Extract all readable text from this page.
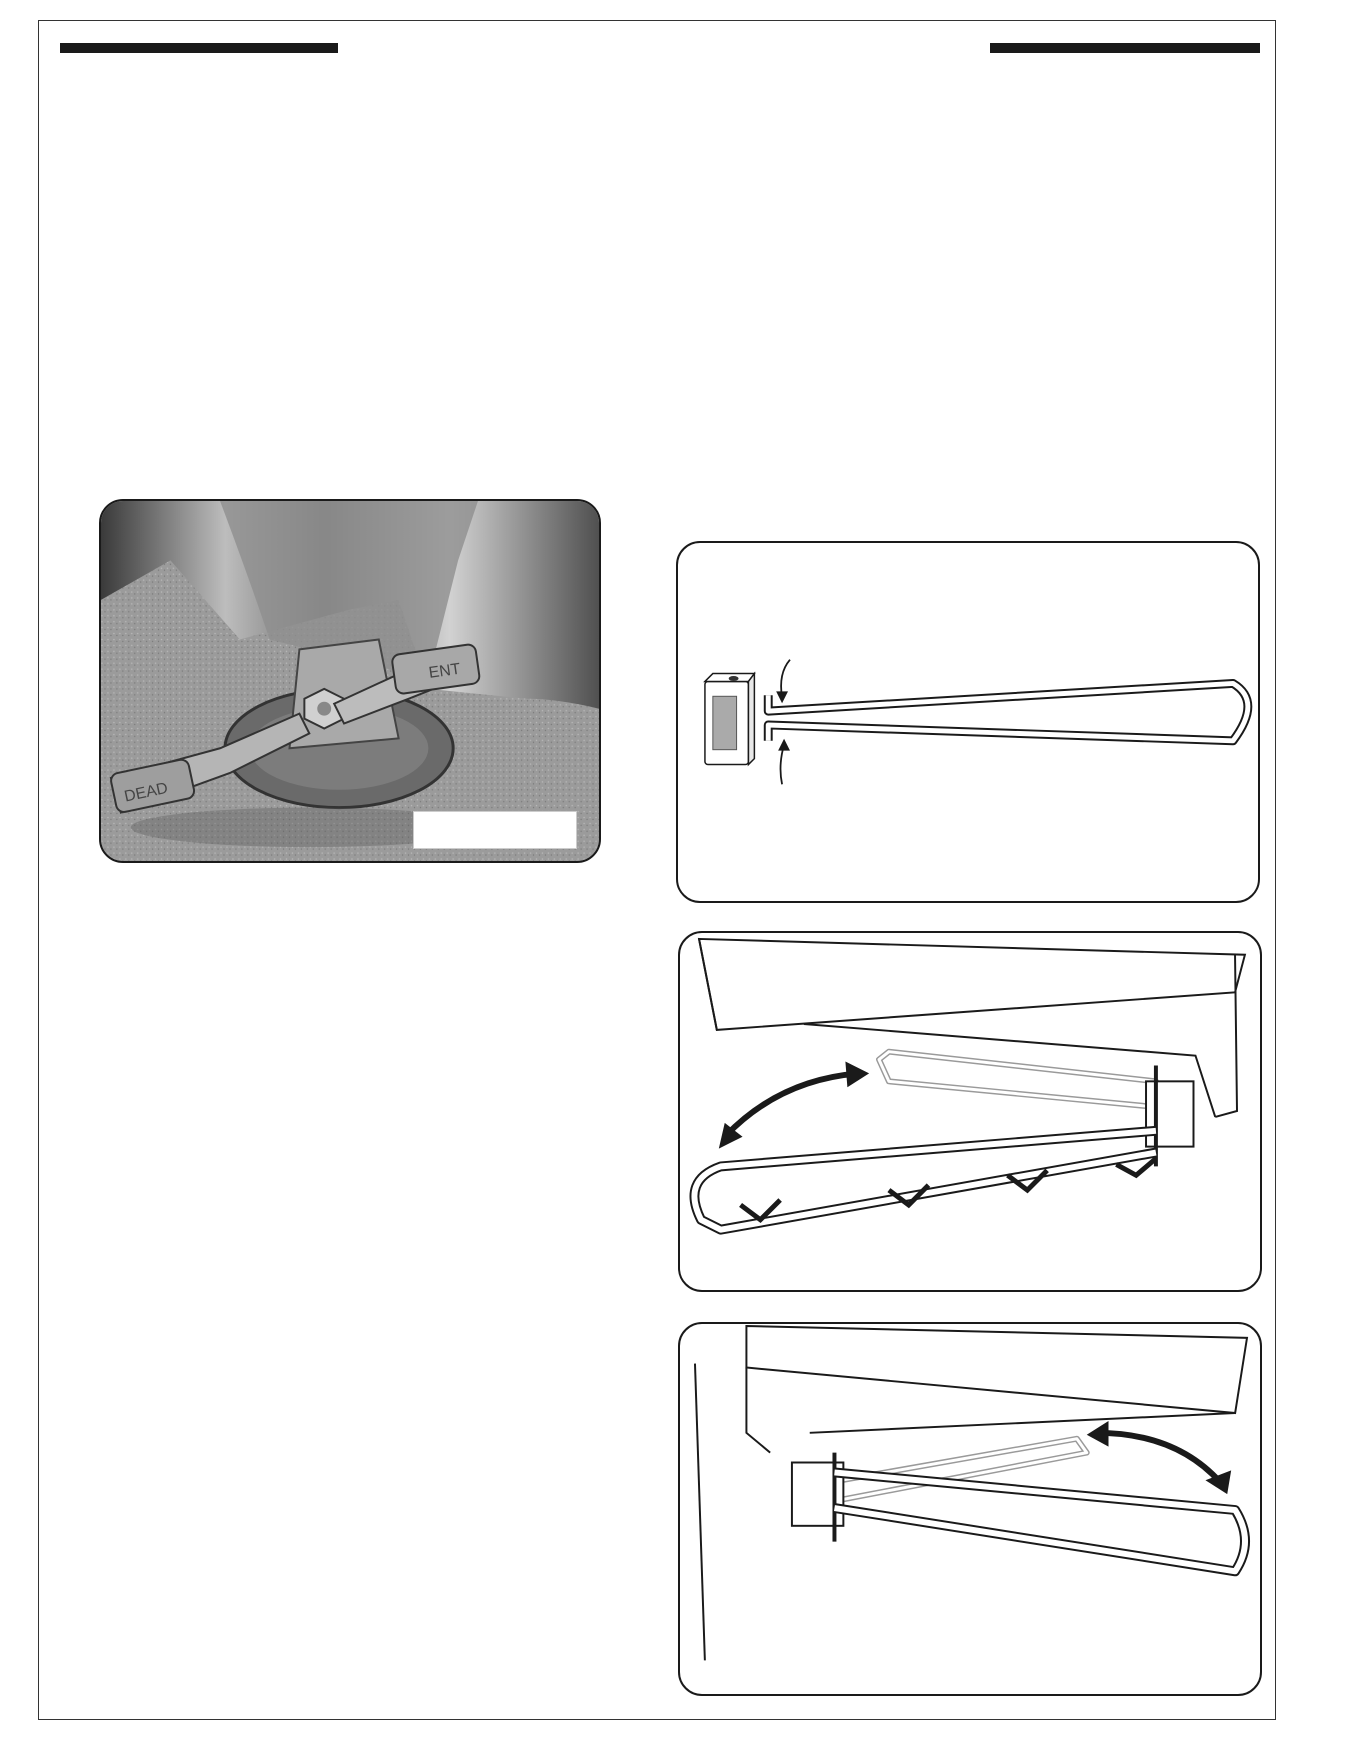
DEAD
ENT
